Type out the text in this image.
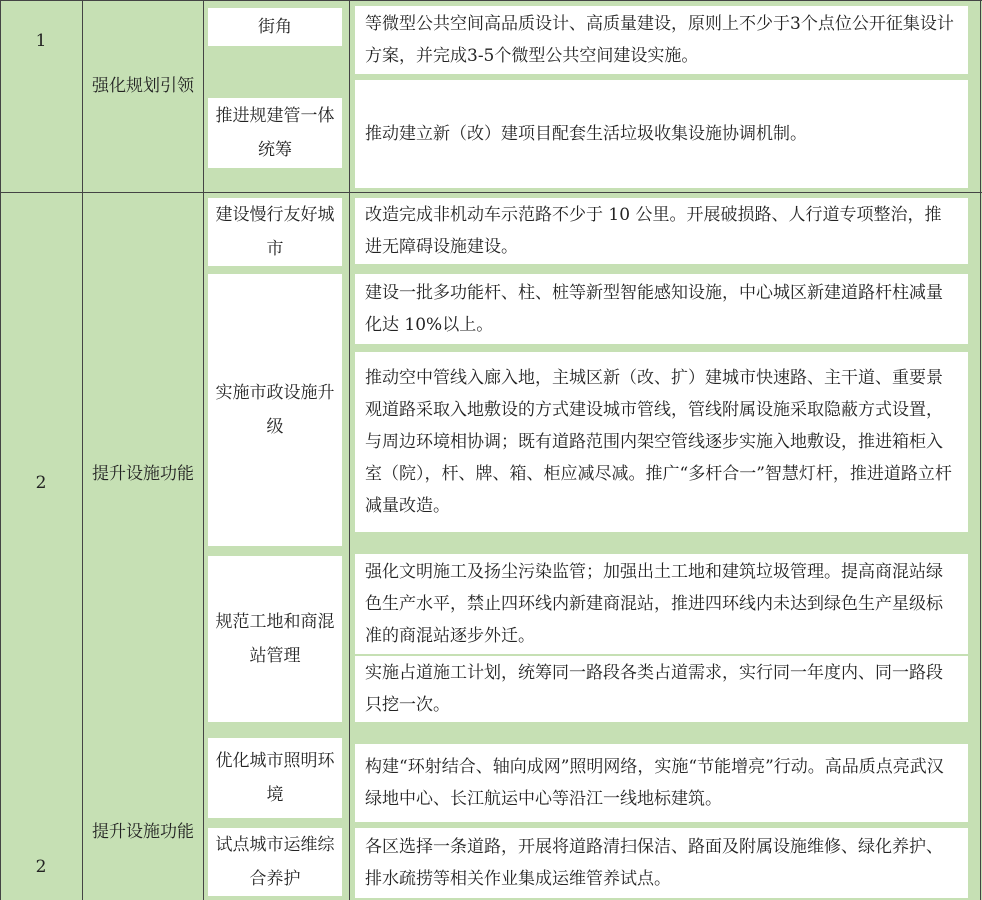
1
强化规划引领
街角	等微型公共空间高品质设计、高质量建设，原则上不少于3个点位公开征集设计方案，并完成3-5个微型公共空间建设实施。
推进规建管一体统筹
推动建立新（改）建项目配套生活垃圾收集设施协调机制。
2	提升设施功能
建设慢行友好城市
改造完成非机动车示范路不少于 10 公里。开展破损路、人行道专项整治，推进无障碍设施建设。
实施市政设施升级
建设一批多功能杆、柱、桩等新型智能感知设施，中心城区新建道路杆柱减量化达 10%以上。
推动空中管线入廊入地，主城区新（改、扩）建城市快速路、主干道、重要景观道路采取入地敷设的方式建设城市管线，管线附属设施采取隐蔽方式设置，与周边环境相协调；既有道路范围内架空管线逐步实施入地敷设，推进箱柜入室（院），杆、牌、箱、柜应减尽减。推广“多杆合一”智慧灯杆，推进道路立杆减量改造。
规范工地和商混站管理
强化文明施工及扬尘污染监管；加强出土工地和建筑垃圾管理。提高商混站绿色生产水平，禁止四环线内新建商混站，推进四环线内未达到绿色生产星级标准的商混站逐步外迁。
实施占道施工计划，统筹同一路段各类占道需求，实行同一年度内、同一路段只挖一次。
优化城市照明环境
构建“环射结合、轴向成网”照明网络，实施“节能增亮”行动。高品质点亮武汉绿地中心、长江航运中心等沿江一线地标建筑。
2
提升设施功能
试点城市运维综合养护
各区选择一条道路，开展将道路清扫保洁、路面及附属设施维修、绿化养护、排水疏捞等相关作业集成运维管养试点。
